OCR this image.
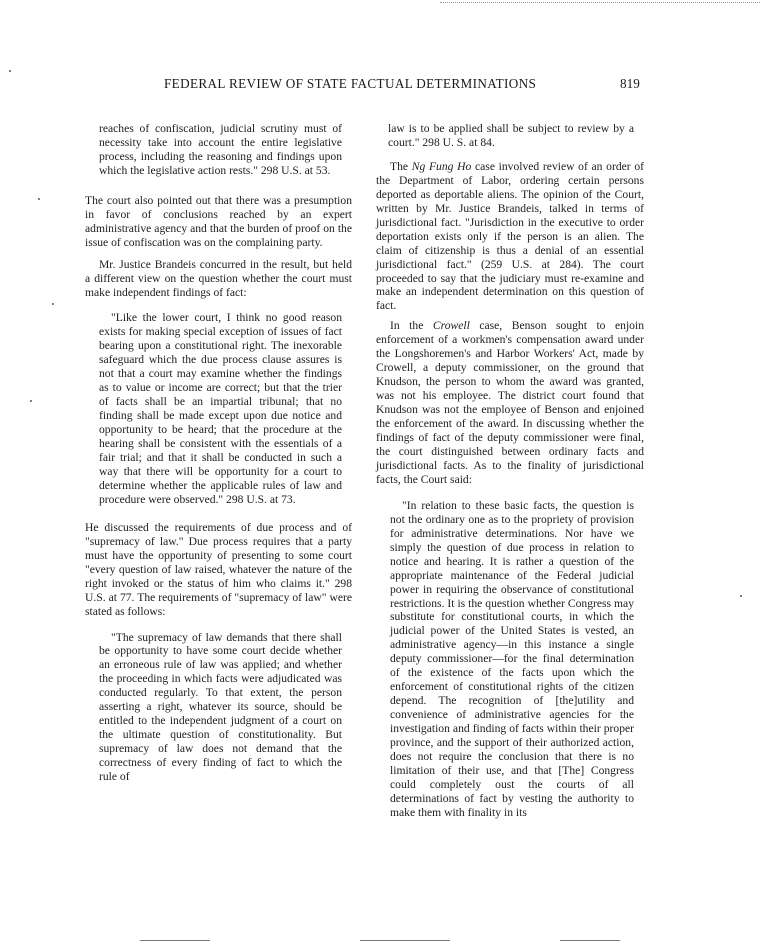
FEDERAL REVIEW OF STATE FACTUAL DETERMINATIONS	819

reaches of confiscation, judicial scrutiny must of necessity take into account the entire legislative process, including the reasoning and findings upon which the legislative action rests." 298 U.S. at 53.

The court also pointed out that there was a presumption in favor of conclusions reached by an expert administrative agency and that the burden of proof on the issue of confiscation was on the complaining party.

Mr. Justice Brandeis concurred in the result, but held a different view on the question whether the court must make independent findings of fact:

"Like the lower court, I think no good reason exists for making special exception of issues of fact bearing upon a constitutional right. The inexorable safeguard which the due process clause assures is not that a court may examine whether the findings as to value or income are correct; but that the trier of facts shall be an impartial tribunal; that no finding shall be made except upon due notice and opportunity to be heard; that the procedure at the hearing shall be consistent with the essentials of a fair trial; and that it shall be conducted in such a way that there will be opportunity for a court to determine whether the applicable rules of law and procedure were observed." 298 U.S. at 73.

He discussed the requirements of due process and of "supremacy of law." Due process requires that a party must have the opportunity of presenting to some court "every question of law raised, whatever the nature of the right invoked or the status of him who claims it." 298 U.S. at 77. The requirements of "supremacy of law" were stated as follows:

"The supremacy of law demands that there shall be opportunity to have some court decide whether an erroneous rule of law was applied; and whether the proceeding in which facts were adjudicated was conducted regularly. To that extent, the person asserting a right, whatever its source, should be entitled to the independent judgment of a court on the ultimate question of constitutionality. But supremacy of law does not demand that the correctness of every finding of fact to which the rule of

law is to be applied shall be subject to review by a court." 298 U. S. at 84.

The Ng Fung Ho case involved review of an order of the Department of Labor, ordering certain persons deported as deportable aliens. The opinion of the Court, written by Mr. Justice Brandeis, talked in terms of jurisdictional fact. "Jurisdiction in the executive to order deportation exists only if the person is an alien. The claim of citizenship is thus a denial of an essential jurisdictional fact." (259 U.S. at 284). The court proceeded to say that the judiciary must re-examine and make an independent determination on this question of fact.

In the Crowell case, Benson sought to enjoin enforcement of a workmen's compensation award under the Longshoremen's and Harbor Workers' Act, made by Crowell, a deputy commissioner, on the ground that Knudson, the person to whom the award was granted, was not his employee. The district court found that Knudson was not the employee of Benson and enjoined the enforcement of the award. In discussing whether the findings of fact of the deputy commissioner were final, the court distinguished between ordinary facts and jurisdictional facts. As to the finality of jurisdictional facts, the Court said:

"In relation to these basic facts, the question is not the ordinary one as to the propriety of provision for administrative determinations. Nor have we simply the question of due process in relation to notice and hearing. It is rather a question of the appropriate maintenance of the Federal judicial power in requiring the observance of constitutional restrictions. It is the question whether Congress may substitute for constitutional courts, in which the judicial power of the United States is vested, an administrative agency—in this instance a single deputy commissioner—for the final determination of the existence of the facts upon which the enforcement of constitutional rights of the citizen depend. The recognition of [the]utility and convenience of administrative agencies for the investigation and finding of facts within their proper province, and the support of their authorized action, does not require the conclusion that there is no limitation of their use, and that [The] Congress could completely oust the courts of all determinations of fact by vesting the authority to make them with finality in its
